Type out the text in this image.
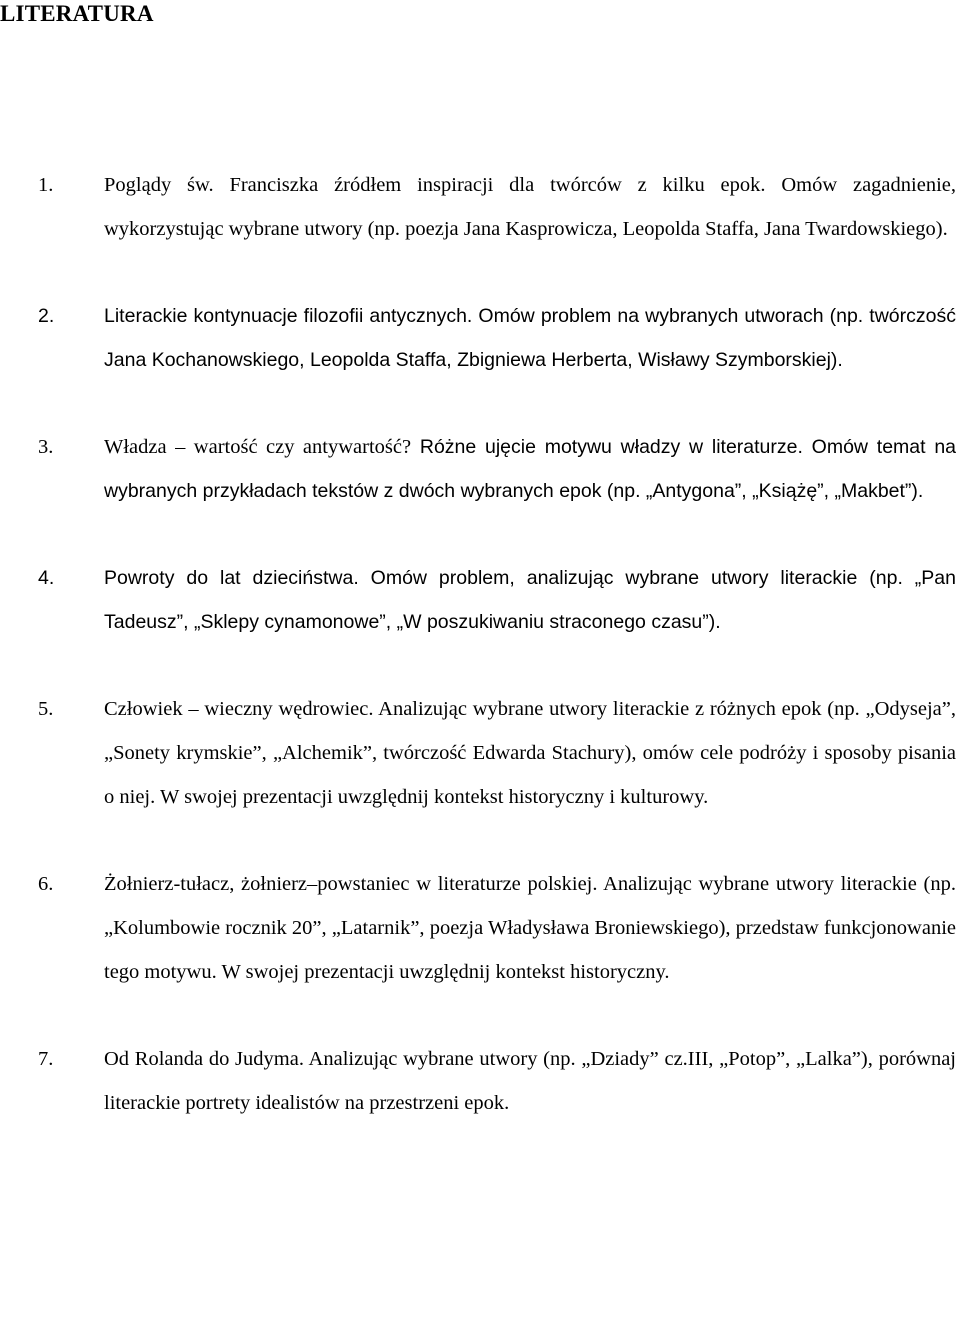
LITERATURA
1. Poglądy św. Franciszka źródłem inspiracji dla twórców z kilku epok. Omów zagadnienie, wykorzystując wybrane utwory (np. poezja Jana Kasprowicza, Leopolda Staffa, Jana Twardowskiego).
2.	Literackie kontynuacje filozofii antycznych. Omów problem na wybranych utworach (np. twórczość Jana Kochanowskiego, Leopolda Staffa, Zbigniewa Herberta, Wisławy Szymborskiej).
3. Władza – wartość czy antywartość? Różne ujęcie motywu władzy w literaturze. Omów temat na wybranych przykładach tekstów z dwóch wybranych epok (np. „Antygona”, „Książę”, „Makbet”).
4.	Powroty do lat dzieciństwa. Omów problem, analizując wybrane utwory literackie (np. „Pan Tadeusz”, „Sklepy cynamonowe”, „W poszukiwaniu straconego czasu”).
5. Człowiek – wieczny wędrowiec. Analizując wybrane utwory literackie z różnych epok (np. „Odyseja”, „Sonety krymskie”, „Alchemik”, twórczość Edwarda Stachury), omów cele podróży i sposoby pisania o niej. W swojej prezentacji uwzględnij kontekst historyczny i kulturowy.
6. Żołnierz-tułacz, żołnierz–powstaniec w literaturze polskiej. Analizując wybrane utwory literackie (np. „Kolumbowie rocznik 20”, „Latarnik”, poezja Władysława Broniewskiego), przedstaw funkcjonowanie tego motywu. W swojej prezentacji uwzględnij kontekst historyczny.
7. Od Rolanda do Judyma. Analizując wybrane utwory (np. „Dziady” cz.III, „Potop”, „Lalka”), porównaj literackie portrety idealistów na przestrzeni epok.
